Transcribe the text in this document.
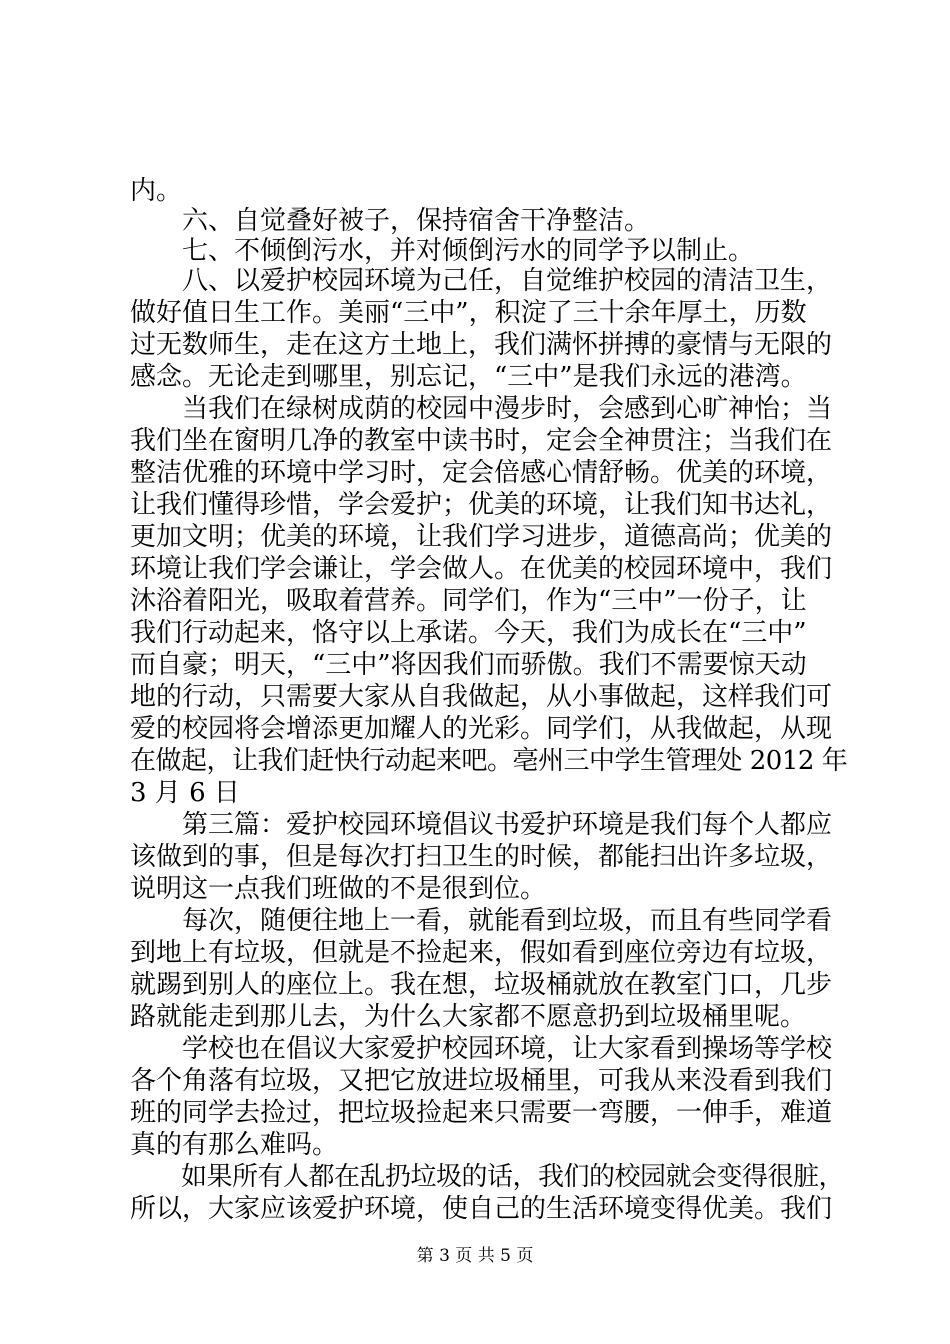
内。
　　六、自觉叠好被子，保持宿舍干净整洁。
　　七、不倾倒污水，并对倾倒污水的同学予以制止。
　　八、以爱护校园环境为己任，自觉维护校园的清洁卫生，
做好值日生工作。美丽“三中”，积淀了三十余年厚土，历数
过无数师生，走在这方土地上，我们满怀拼搏的豪情与无限的
感念。无论走到哪里，别忘记，“三中”是我们永远的港湾。
　　当我们在绿树成荫的校园中漫步时，会感到心旷神怡；当
我们坐在窗明几净的教室中读书时，定会全神贯注；当我们在
整洁优雅的环境中学习时，定会倍感心情舒畅。优美的环境，
让我们懂得珍惜，学会爱护；优美的环境，让我们知书达礼，
更加文明；优美的环境，让我们学习进步，道德高尚；优美的
环境让我们学会谦让，学会做人。在优美的校园环境中，我们
沐浴着阳光，吸取着营养。同学们，作为“三中”一份子，让
我们行动起来，恪守以上承诺。今天，我们为成长在“三中”
而自豪；明天，“三中”将因我们而骄傲。我们不需要惊天动
地的行动，只需要大家从自我做起，从小事做起，这样我们可
爱的校园将会增添更加耀人的光彩。同学们，从我做起，从现
在做起，让我们赶快行动起来吧。亳州三中学生管理处 2012 年
3 月 6 日
　　第三篇：爱护校园环境倡议书爱护环境是我们每个人都应
该做到的事，但是每次打扫卫生的时候，都能扫出许多垃圾，
说明这一点我们班做的不是很到位。
　　每次，随便往地上一看，就能看到垃圾，而且有些同学看
到地上有垃圾，但就是不捡起来，假如看到座位旁边有垃圾，
就踢到别人的座位上。我在想，垃圾桶就放在教室门口，几步
路就能走到那儿去，为什么大家都不愿意扔到垃圾桶里呢。
　　学校也在倡议大家爱护校园环境，让大家看到操场等学校
各个角落有垃圾，又把它放进垃圾桶里，可我从来没看到我们
班的同学去捡过，把垃圾捡起来只需要一弯腰，一伸手，难道
真的有那么难吗。
　　如果所有人都在乱扔垃圾的话，我们的校园就会变得很脏，
所以，大家应该爱护环境，使自己的生活环境变得优美。我们
第 3 页 共 5 页
